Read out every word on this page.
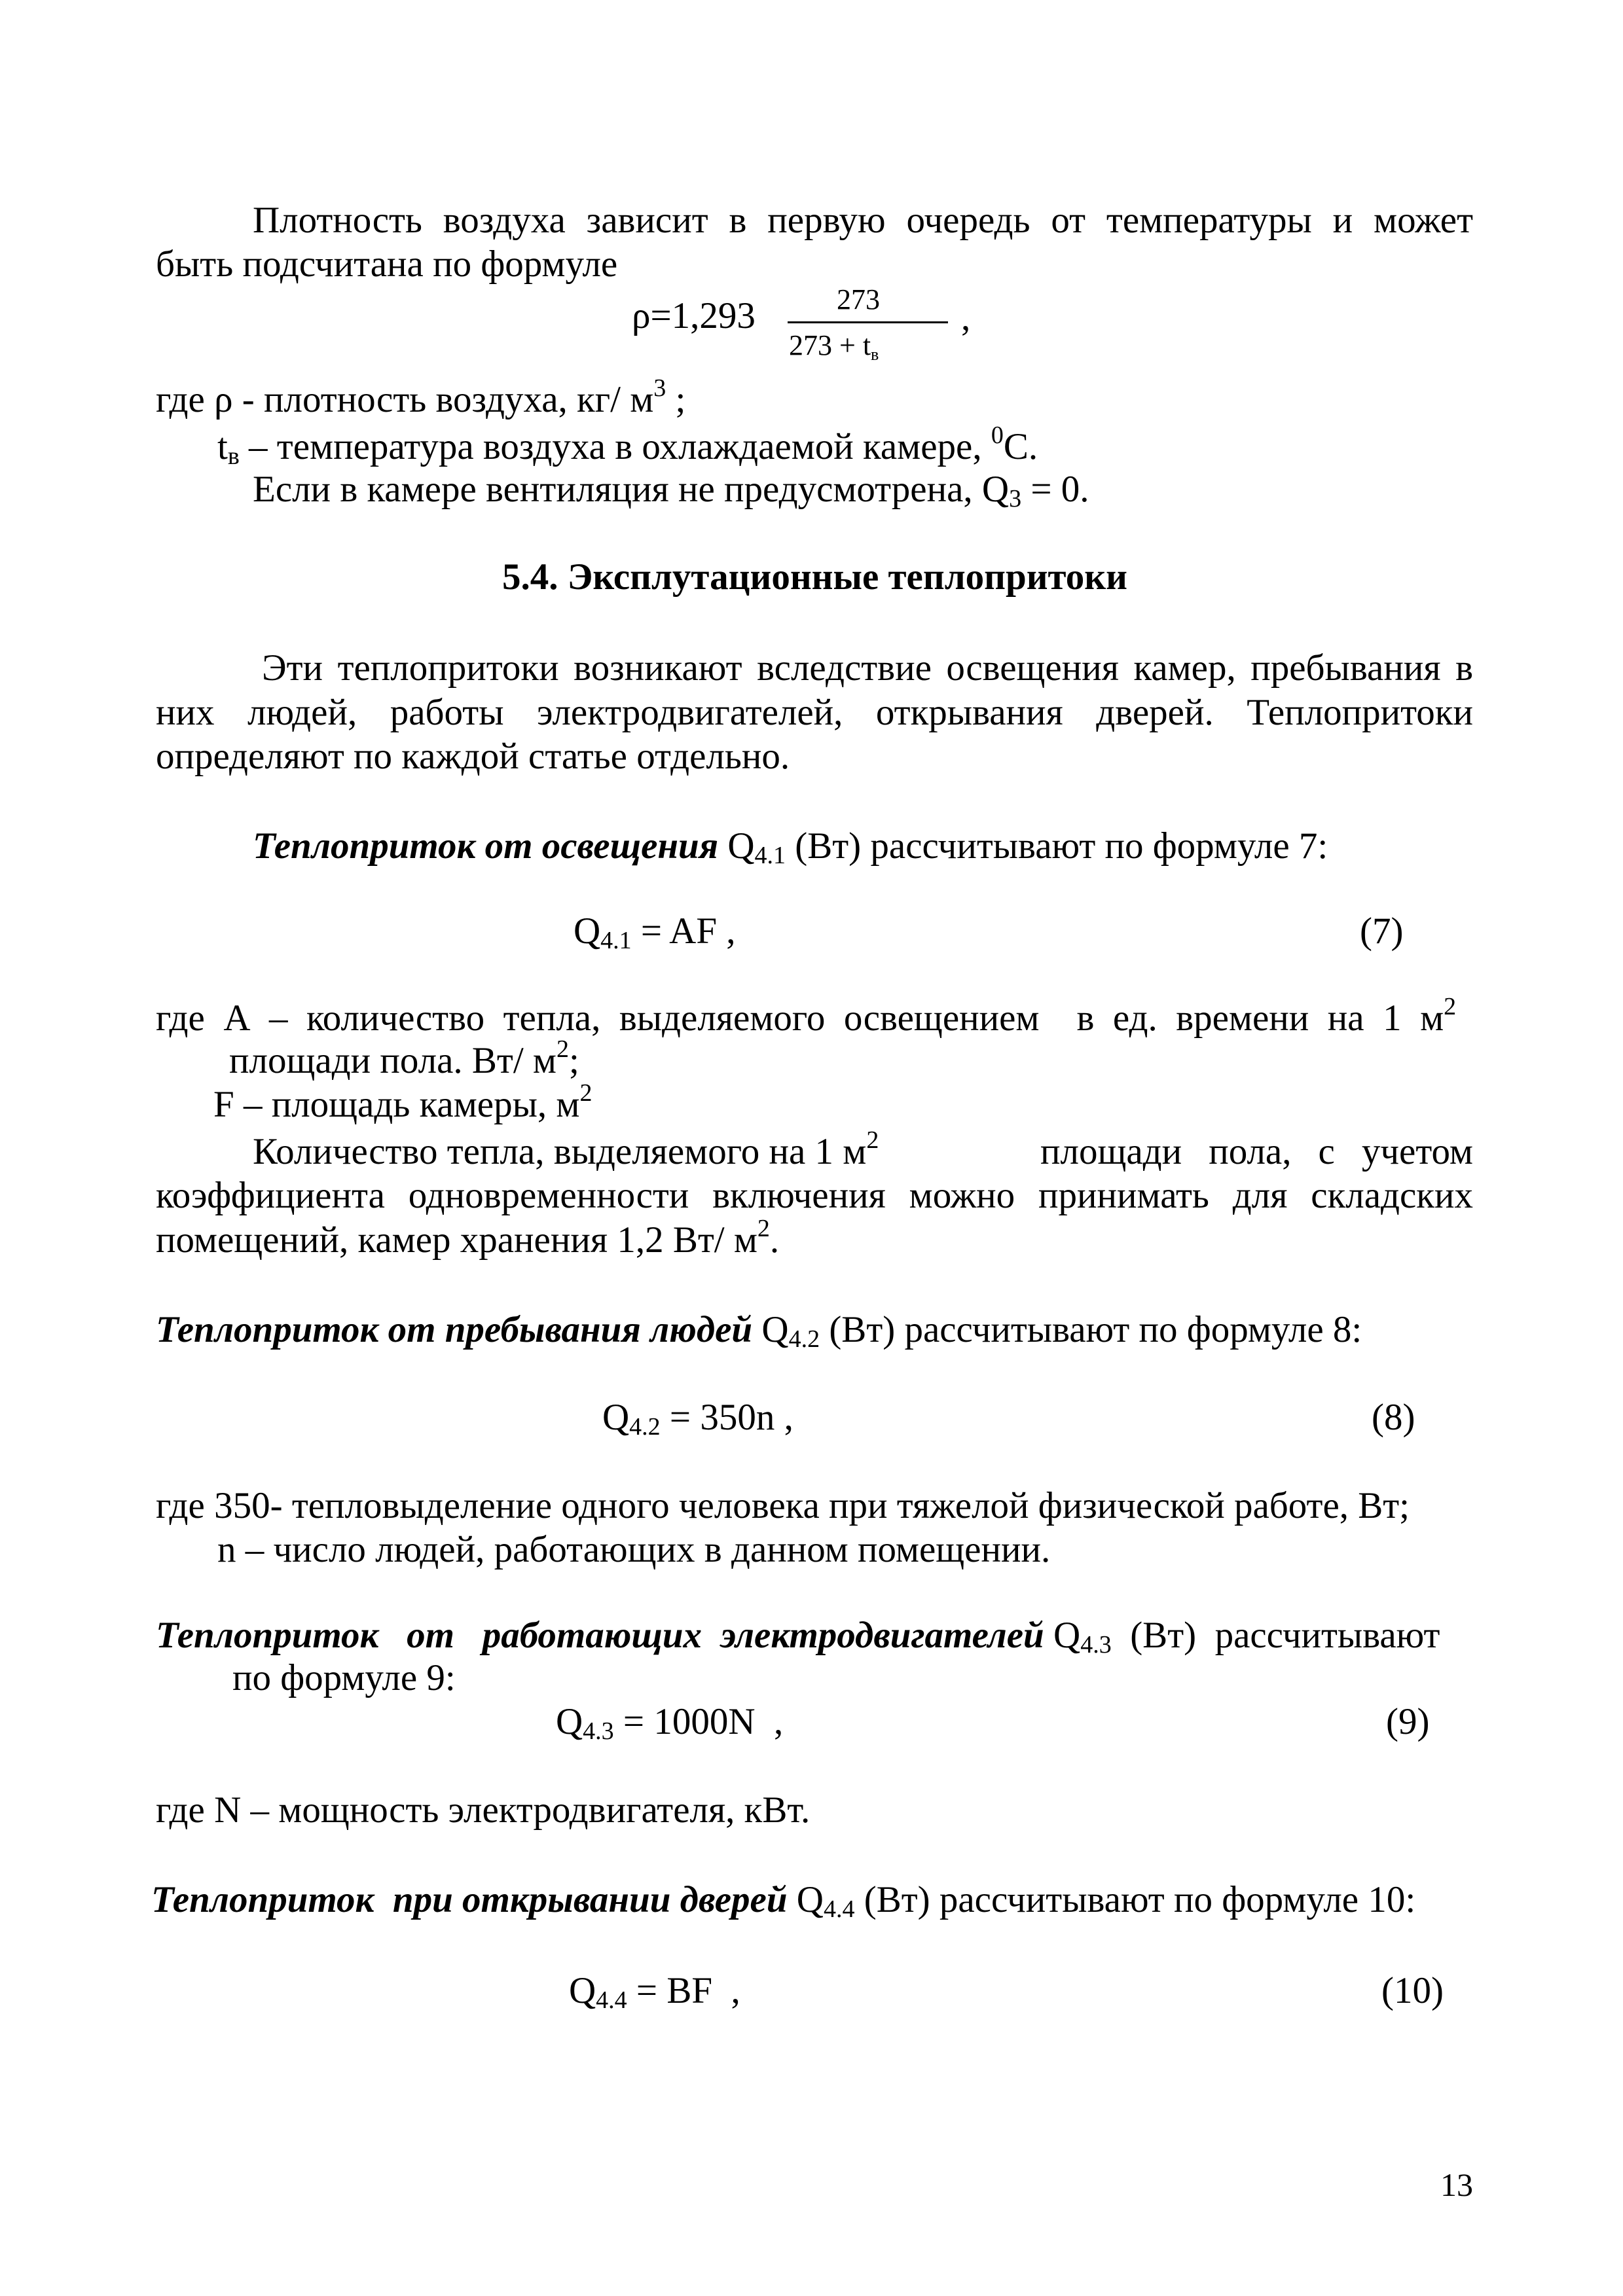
Плотность воздуха зависит в первую очередь от температуры и может
быть подсчитана по формуле
ρ=1,293	273
$273 + t_в$
,
где ρ - плотность воздуха, кг/ $м^3$ ;
$t_в$ – температура воздуха в охлаждаемой камере, $^0$С.
Если в камере вентиляция не предусмотрена, $Q_3 = 0$.
5.4. Эксплутационные теплопритоки
Эти теплопритоки возникают вследствие освещения камер, пребывания в
них людей, работы электродвигателей, открывания дверей. Теплопритоки
определяют по каждой статье отдельно.
Теплоприток от освещения $Q_{4.1}$ (Вт) рассчитывают по формуле 7:
$Q_{4.1}$ = AF ,	(7)
где  А  –  количество  тепла,  выделяемого  освещением    в  ед.  времени  на  1  $м^2$
площади пола. Вт/ $м^2$;
F – площадь камеры, $м^2$
Количество тепла, выделяемого на 1 $м^2$	площади пола, с учетом
коэффициента одновременности включения можно принимать для складских
помещений, камер хранения 1,2 Вт/ $м^2$.
Теплоприток от пребывания людей $Q_{4.2}$ (Вт) рассчитывают по формуле 8:
$Q_{4.2} = 350n$ ,	(8)
где 350- тепловыделение одного человека при тяжелой физической работе, Вт;
n – число людей, работающих в данном помещении.
Теплоприток   от   работающих  электродвигателей $Q_{4.3}$  (Вт)  рассчитывают
по формуле 9:
$Q_{4.3} = 1000N$  ,	(9)
где N – мощность электродвигателя, кВт.
Теплоприток  при открывании дверей $Q_{4.4}$ (Вт) рассчитывают по формуле 10:
$Q_{4.4}$ = BF  ,	(10)
13
